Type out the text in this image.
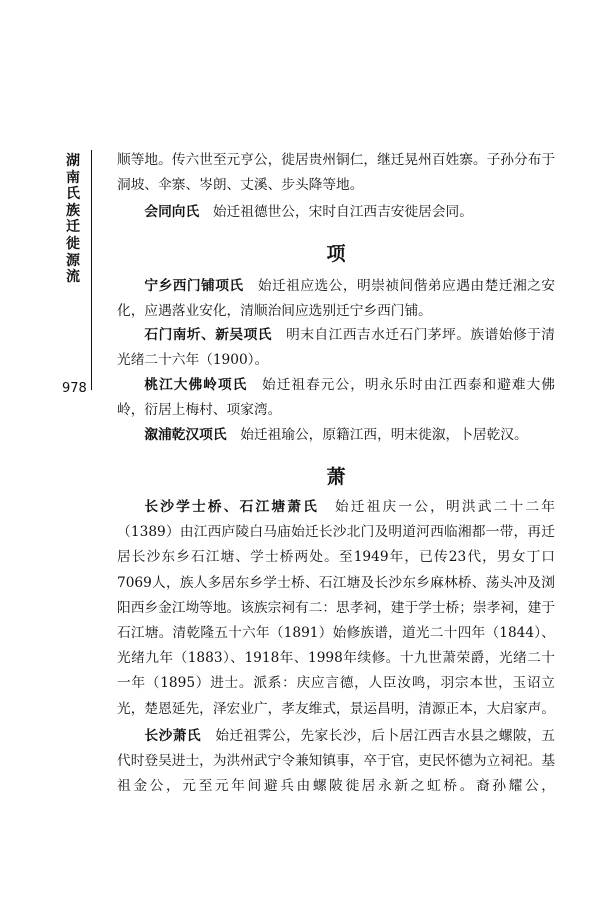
湖南氏族迁徙源流
978

顺等地。传六世至元亨公，徙居贵州铜仁，继迁晃州百姓寨。子孙分布于洞坡、伞寨、岑朗、丈溪、步头降等地。

会同向氏　 始迁祖德世公，宋时自江西吉安徙居会同。

项

宁乡西门铺项氏　 始迁祖应选公，明崇祯间偕弟应遇由楚迁湘之安化，应遇落业安化，清顺治间应选别迁宁乡西门铺。

石门南圻、新吴项氏　 明末自江西吉水迁石门茅坪。族谱始修于清光绪二十六年（1900）。

桃江大佛岭项氏　 始迁祖春元公，明永乐时由江西泰和避难大佛岭，衍居上梅村、项家湾。

溆浦乾汉项氏　 始迁祖瑜公，原籍江西，明末徙溆，卜居乾汉。

萧

长沙学士桥、石江塘萧氏　 始迁祖庆一公，明洪武二十二年（1389）由江西庐陵白马庙始迁长沙北门及明道河西临湘都一带，再迁居长沙东乡石江塘、学士桥两处。至1949年，已传23代，男女丁口7069人，族人多居东乡学士桥、石江塘及长沙东乡麻林桥、荡头冲及浏阳西乡金江坳等地。该族宗祠有二：思孝祠，建于学士桥；崇孝祠，建于石江塘。清乾隆五十六年（1891）始修族谱，道光二十四年（1844）、光绪九年（1883）、1918年、1998年续修。十九世萧荣爵，光绪二十一年（1895）进士。派系：庆应言德，人臣汝鸣，羽宗本世，玉诏立光，楚恩延先，泽宏业广，孝友维式，景运昌明，清源正本，大启家声。

长沙萧氏　 始迁祖霁公，先家长沙，后卜居江西吉水县之螺陂，五代时登吴进士，为洪州武宁令兼知镇事，卒于官，吏民怀德为立祠祀。基祖金公，元至元年间避兵由螺陂徙居永新之虹桥。裔孙耀公，
